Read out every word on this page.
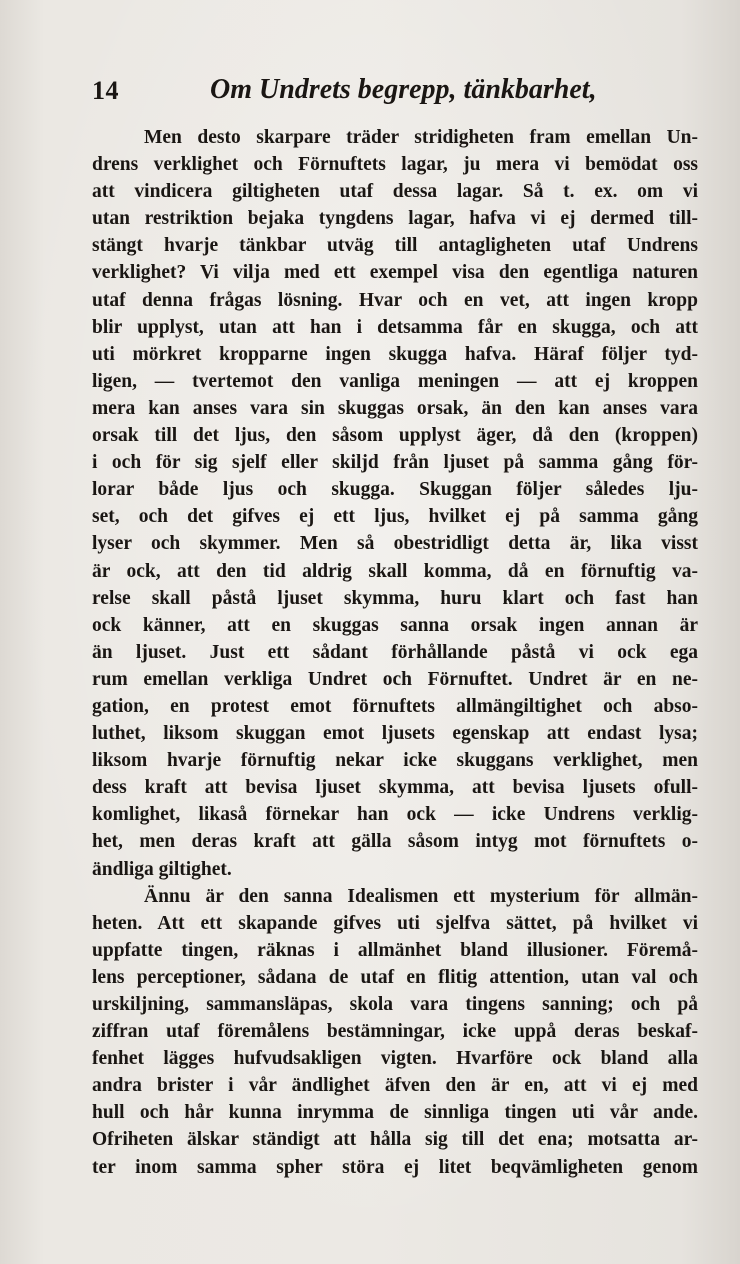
14	Om Undrets begrepp, tänkbarhet,
Men desto skarpare träder stridigheten fram emellan Un-
drens verklighet och Förnuftets lagar, ju mera vi bemödat oss
att vindicera giltigheten utaf dessa lagar. Så t. ex. om vi
utan restriktion bejaka tyngdens lagar, hafva vi ej dermed till-
stängt hvarje tänkbar utväg till antagligheten utaf Undrens
verklighet? Vi vilja med ett exempel visa den egentliga naturen
utaf denna frågas lösning. Hvar och en vet, att ingen kropp
blir upplyst, utan att han i detsamma får en skugga, och att
uti mörkret kropparne ingen skugga hafva. Häraf följer tyd-
ligen, — tvertemot den vanliga meningen — att ej kroppen
mera kan anses vara sin skuggas orsak, än den kan anses vara
orsak till det ljus, den såsom upplyst äger, då den (kroppen)
i och för sig sjelf eller skiljd från ljuset på samma gång för-
lorar både ljus och skugga. Skuggan följer således lju-
set, och det gifves ej ett ljus, hvilket ej på samma gång
lyser och skymmer. Men så obestridligt detta är, lika visst
är ock, att den tid aldrig skall komma, då en förnuftig va-
relse skall påstå ljuset skymma, huru klart och fast han
ock känner, att en skuggas sanna orsak ingen annan är
än ljuset. Just ett sådant förhållande påstå vi ock ega
rum emellan verkliga Undret och Förnuftet. Undret är en ne-
gation, en protest emot förnuftets allmängiltighet och abso-
luthet, liksom skuggan emot ljusets egenskap att endast lysa;
liksom hvarje förnuftig nekar icke skuggans verklighet, men
dess kraft att bevisa ljuset skymma, att bevisa ljusets ofull-
komlighet, likaså förnekar han ock — icke Undrens verklig-
het, men deras kraft att gälla såsom intyg mot förnuftets o-
ändliga giltighet.
Ännu är den sanna Idealismen ett mysterium för allmän-
heten. Att ett skapande gifves uti sjelfva sättet, på hvilket vi
uppfatte tingen, räknas i allmänhet bland illusioner. Föremå-
lens perceptioner, sådana de utaf en flitig attention, utan val och
urskiljning, sammansläpas, skola vara tingens sanning; och på
ziffran utaf föremålens bestämningar, icke uppå deras beskaf-
fenhet lägges hufvudsakligen vigten. Hvarföre ock bland alla
andra brister i vår ändlighet äfven den är en, att vi ej med
hull och hår kunna inrymma de sinnliga tingen uti vår ande.
Ofriheten älskar ständigt att hålla sig till det ena; motsatta ar-
ter inom samma spher störa ej litet beqvämligheten genom
